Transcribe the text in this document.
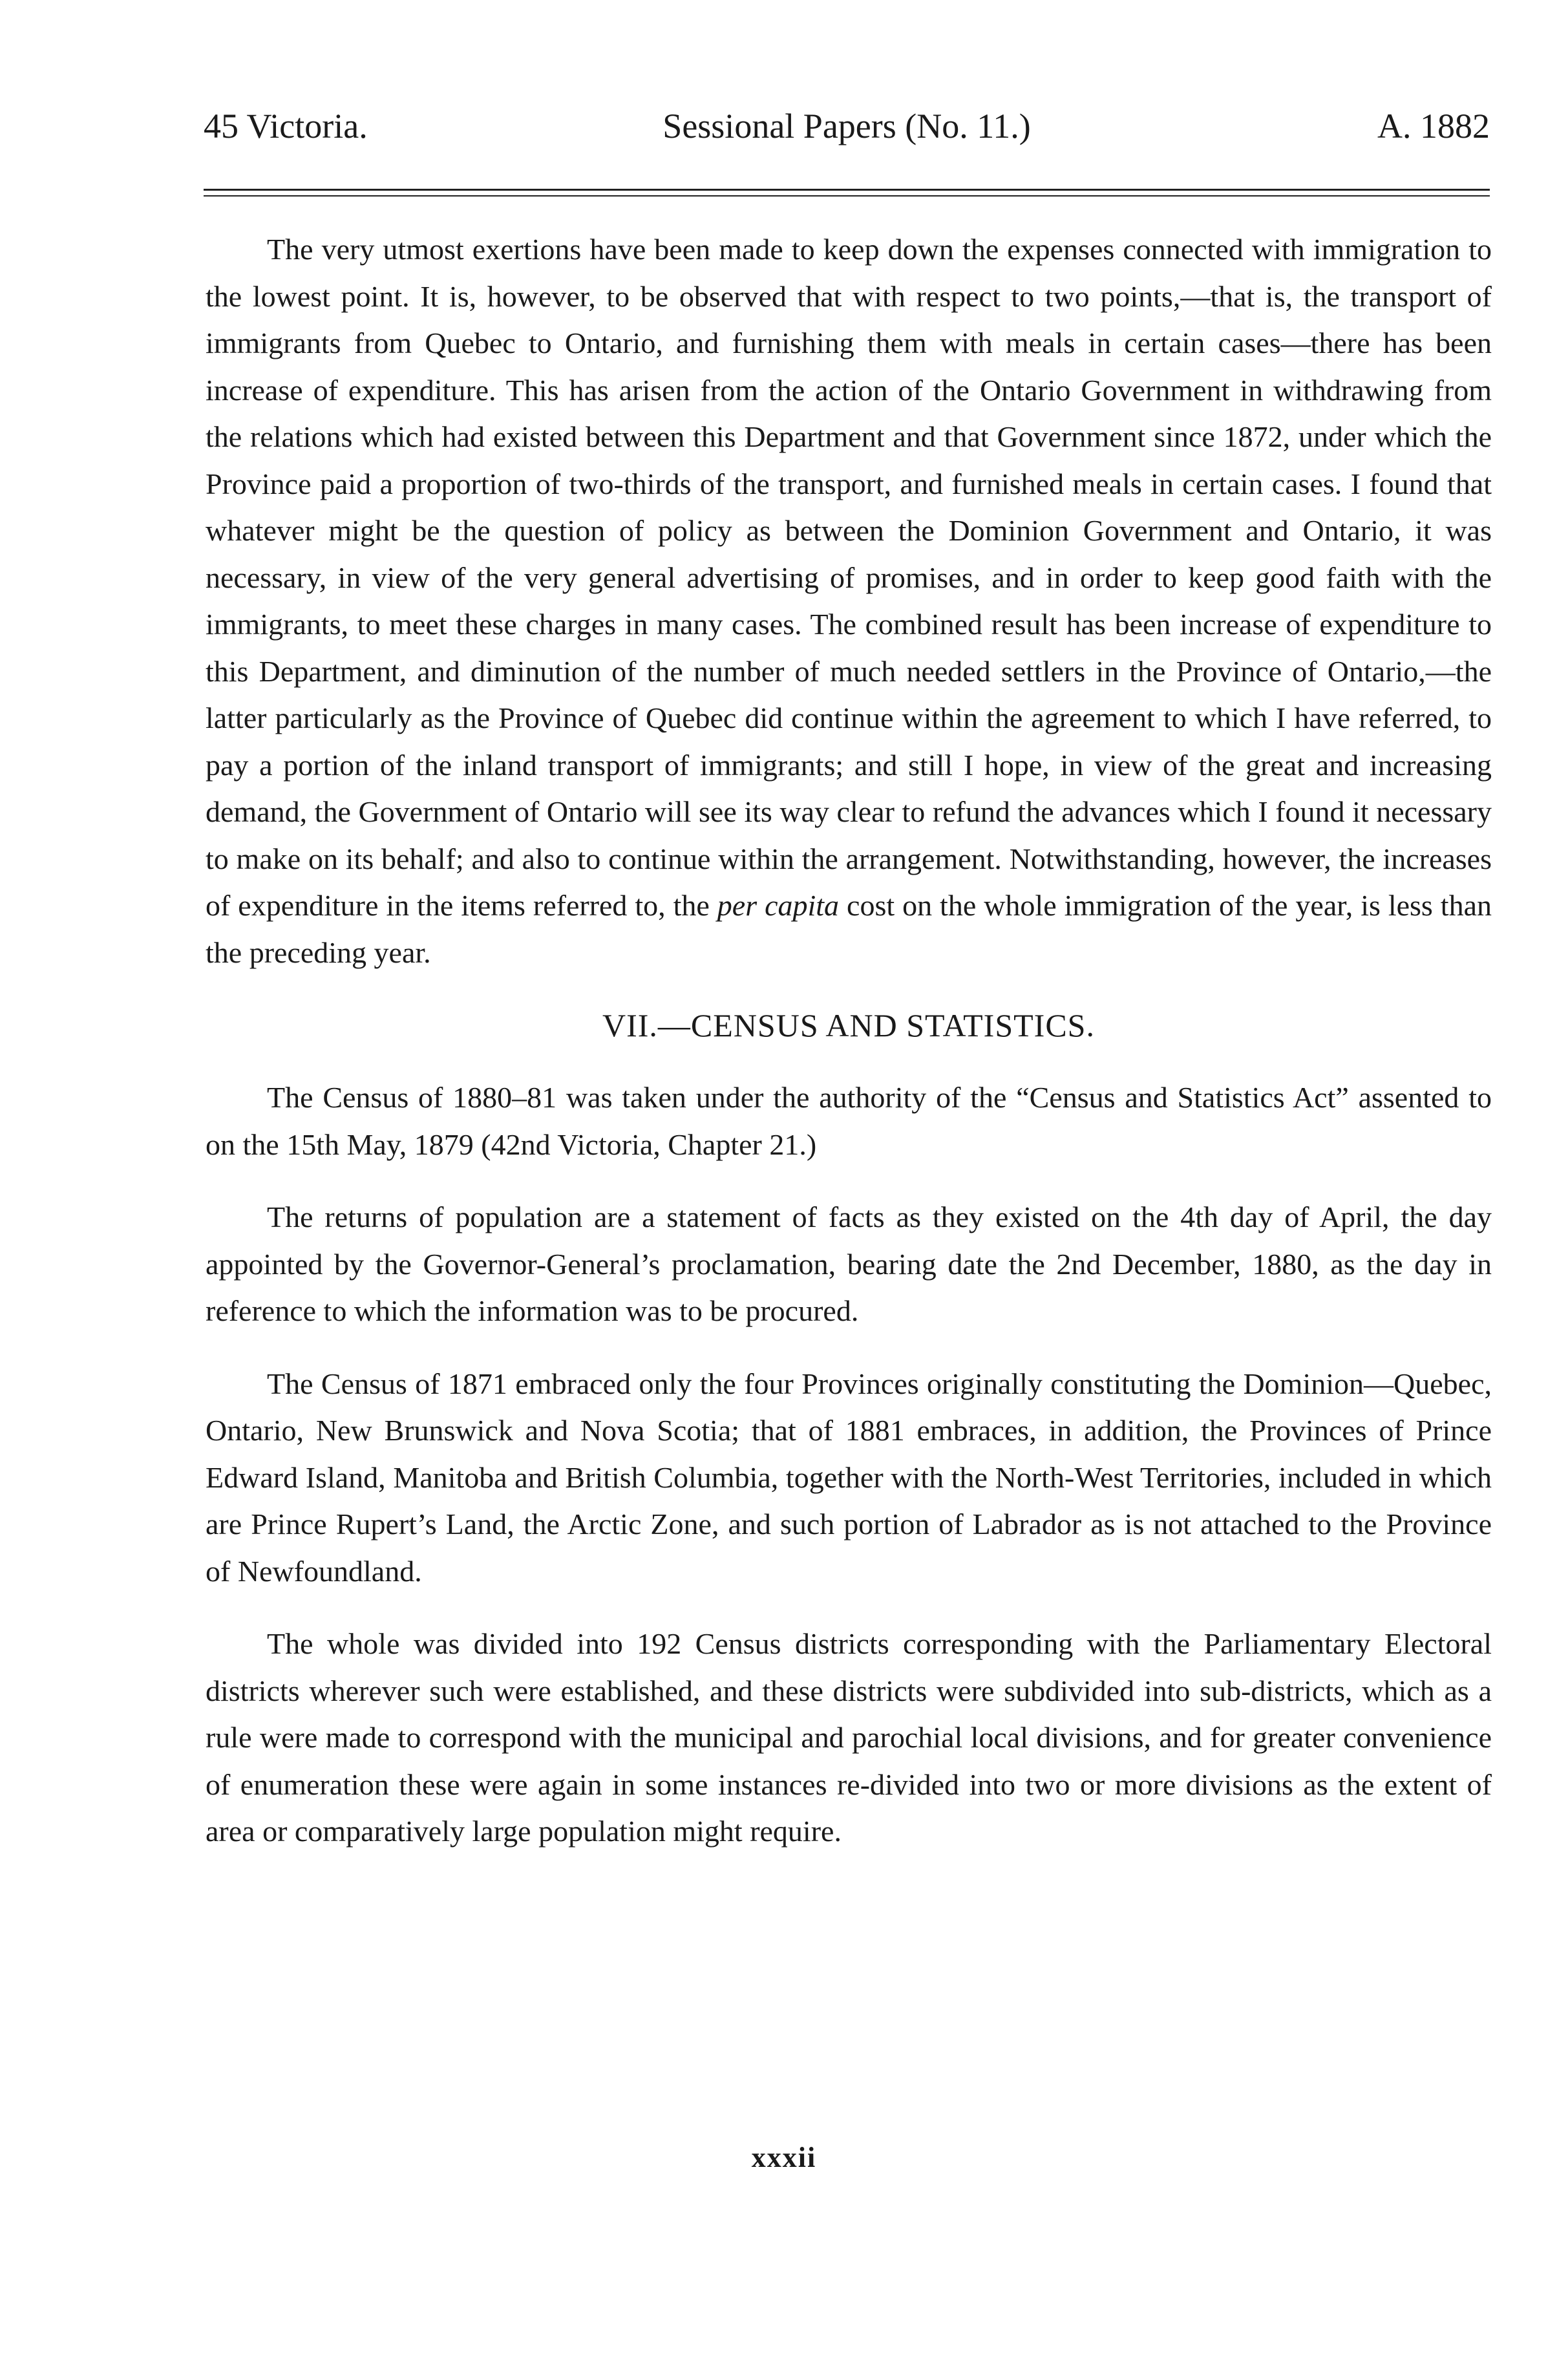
45 Victoria.	Sessional Papers (No. 11.)	A. 1882

The very utmost exertions have been made to keep down the expenses connected with immigration to the lowest point. It is, however, to be observed that with respect to two points,—that is, the transport of immigrants from Quebec to Ontario, and furnishing them with meals in certain cases—there has been increase of expenditure. This has arisen from the action of the Ontario Government in withdrawing from the relations which had existed between this Department and that Government since 1872, under which the Province paid a proportion of two-thirds of the transport, and furnished meals in certain cases. I found that whatever might be the question of policy as between the Dominion Government and Ontario, it was necessary, in view of the very general advertising of promises, and in order to keep good faith with the immigrants, to meet these charges in many cases. The combined result has been increase of expenditure to this Department, and diminution of the number of much needed settlers in the Province of Ontario,—the latter particularly as the Province of Quebec did continue within the agreement to which I have referred, to pay a portion of the inland transport of immigrants; and still I hope, in view of the great and increasing demand, the Government of Ontario will see its way clear to refund the advances which I found it necessary to make on its behalf; and also to continue within the arrangement. Notwithstanding, however, the increases of expenditure in the items referred to, the per capita cost on the whole immigration of the year, is less than the preceding year.

VII.—CENSUS AND STATISTICS.

The Census of 1880–81 was taken under the authority of the “Census and Statistics Act” assented to on the 15th May, 1879 (42nd Victoria, Chapter 21.)

The returns of population are a statement of facts as they existed on the 4th day of April, the day appointed by the Governor-General’s proclamation, bearing date the 2nd December, 1880, as the day in reference to which the information was to be procured.

The Census of 1871 embraced only the four Provinces originally constituting the Dominion—Quebec, Ontario, New Brunswick and Nova Scotia; that of 1881 embraces, in addition, the Provinces of Prince Edward Island, Manitoba and British Columbia, together with the North-West Territories, included in which are Prince Rupert’s Land, the Arctic Zone, and such portion of Labrador as is not attached to the Province of Newfoundland.

The whole was divided into 192 Census districts corresponding with the Parliamentary Electoral districts wherever such were established, and these districts were subdivided into sub-districts, which as a rule were made to correspond with the municipal and parochial local divisions, and for greater convenience of enumeration these were again in some instances re-divided into two or more divisions as the extent of area or comparatively large population might require.

xxxii
